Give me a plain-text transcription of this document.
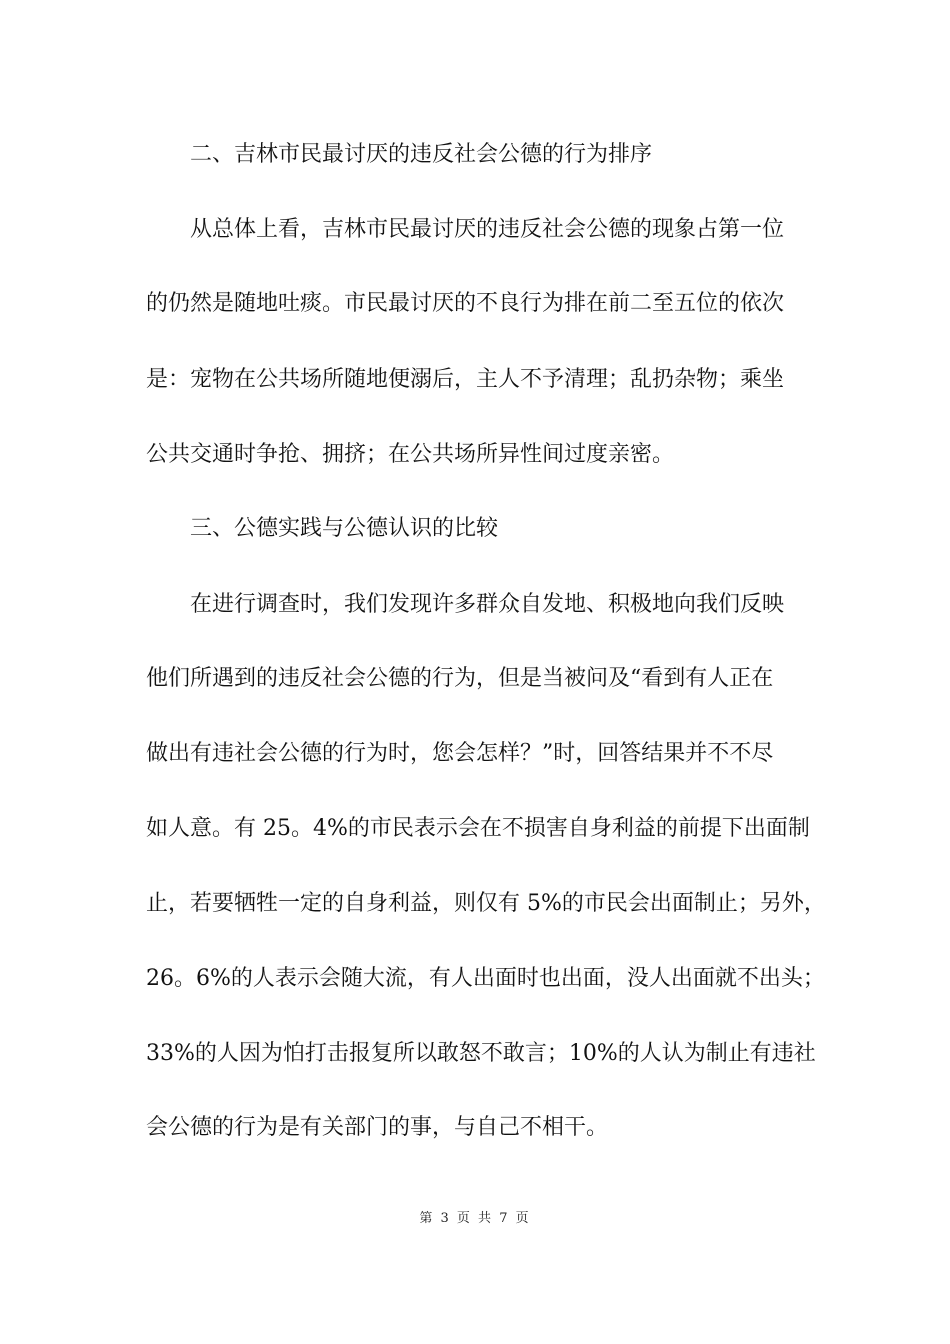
二、吉林市民最讨厌的违反社会公德的行为排序
从总体上看，吉林市民最讨厌的违反社会公德的现象占第一位
的仍然是随地吐痰。市民最讨厌的不良行为排在前二至五位的依次
是：宠物在公共场所随地便溺后，主人不予清理；乱扔杂物；乘坐
公共交通时争抢、拥挤；在公共场所异性间过度亲密。
三、公德实践与公德认识的比较
在进行调查时，我们发现许多群众自发地、积极地向我们反映
他们所遇到的违反社会公德的行为，但是当被问及“看到有人正在
做出有违社会公德的行为时，您会怎样？”时，回答结果并不不尽
如人意。有 25。4%的市民表示会在不损害自身利益的前提下出面制
止，若要牺牲一定的自身利益，则仅有 5%的市民会出面制止；另外，
26。6%的人表示会随大流，有人出面时也出面，没人出面就不出头；
33%的人因为怕打击报复所以敢怒不敢言；10%的人认为制止有违社
会公德的行为是有关部门的事，与自己不相干。
第 3 页 共 7 页
